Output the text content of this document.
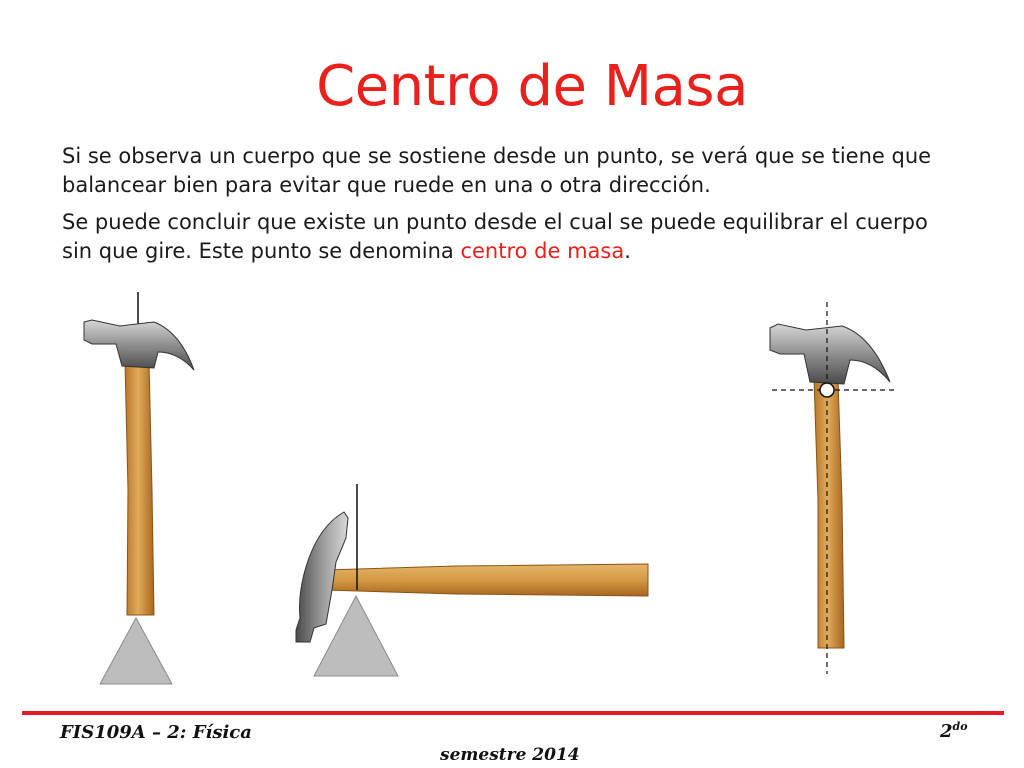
Centro de Masa
Si se observa un cuerpo que se sostiene desde un punto, se verá que se tiene que balancear bien para evitar que ruede en una o otra dirección.
Se puede concluir que existe un punto desde el cual se puede equilibrar el cuerpo sin que gire. Este punto se denomina centro de masa.
FIS109A – 2: Física	$2^{do}$
semestre 2014
